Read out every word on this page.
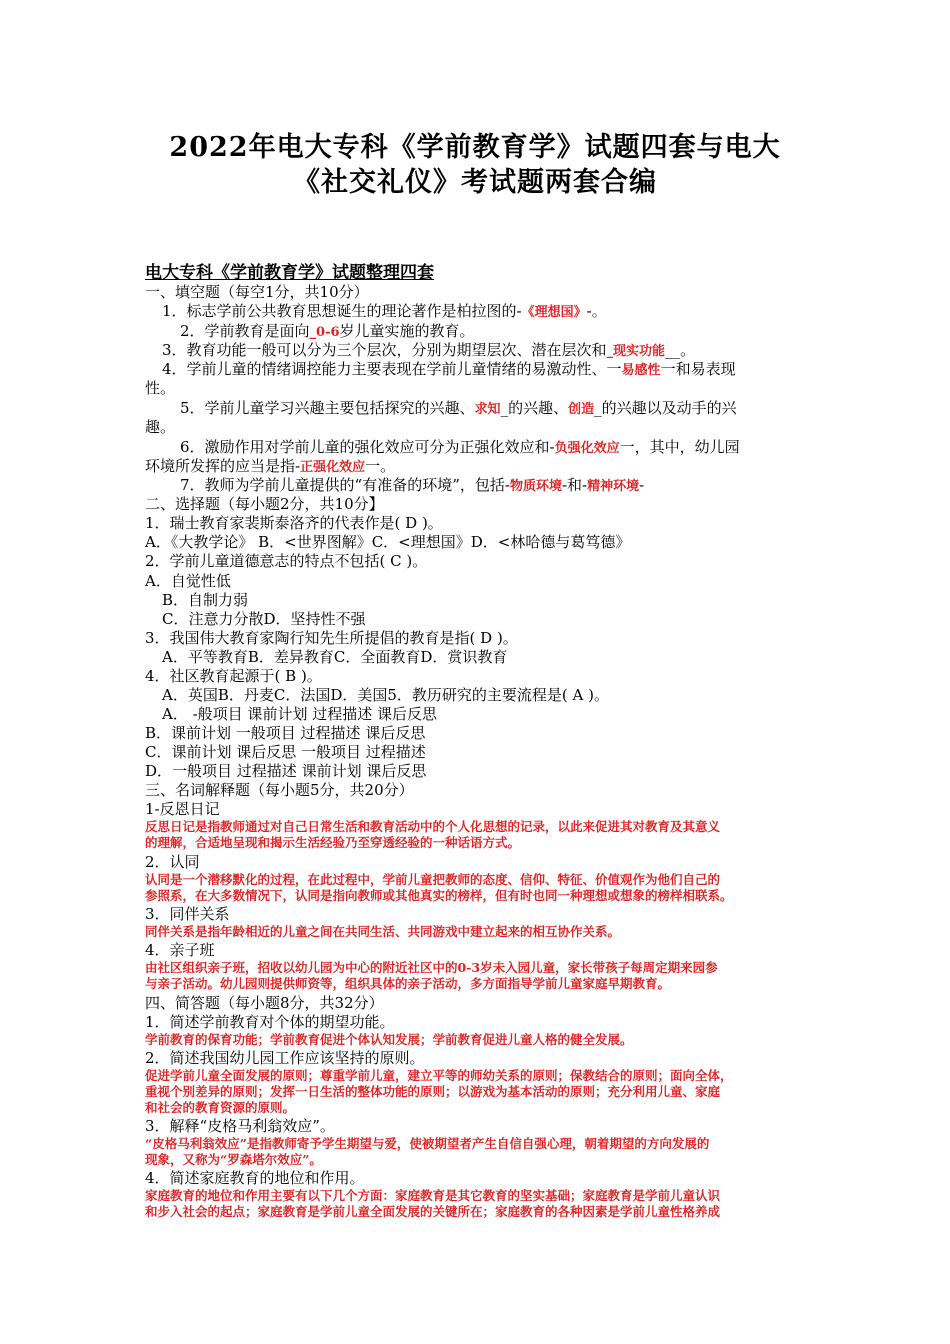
2022年电大专科《学前教育学》试题四套与电大
《社交礼仪》考试题两套合编
电大专科《学前教育学》试题整理四套
一、填空题（每空1分，共10分）
1．标志学前公共教育思想诞生的理论著作是柏拉图的-《理想国》-。
2．学前教育是面向_0-6岁儿童实施的教育。
3．教育功能一般可以分为三个层次，分别为期望层次、潜在层次和_现实功能__。
4．学前儿童的情绪调控能力主要表现在学前儿童情绪的易激动性、一易感性一和易表现
性。
5．学前儿童学习兴趣主要包括探究的兴趣、求知_的兴趣、创造_的兴趣以及动手的兴
趣。
6．激励作用对学前儿童的强化效应可分为正强化效应和-负强化效应一，其中，幼儿园
环境所发挥的应当是指-正强化效应一。
7．教师为学前儿童提供的“有准备的环境”，包括-物质环境-和-精神环境-
二、选择题（每小题2分，共10分】
1．瑞士教育家裴斯泰洛齐的代表作是( D )。
A．《大教学论》 B．<世界图解》C．<理想国》D．<林哈德与葛笃德》
2．学前儿童道德意志的特点不包括( C )。
A．自觉性低
B．自制力弱
C．注意力分散D．坚持性不强
3．我国伟大教育家陶行知先生所提倡的教育是指( D )。
A．平等教育B．差异教育C．全面教育D．赏识教育
4．社区教育起源于( B )。
A．英国B．丹麦C．法国D．美国5．教历研究的主要流程是( A )。
A． -般项目 课前计划 过程描述 课后反思
B．课前计划 一般项目 过程描述 课后反思
C．课前计划 课后反思 一般项目 过程描述
D．一般项目 过程描述 课前计划 课后反思
三、名词解释题（每小题5分，共20分）
1-反恩日记
反思日记是指教师通过对自己日常生活和教育活动中的个人化思想的记录，以此来促进其对教育及其意义
的理解，合适地呈现和揭示生活经验乃至穿透经验的一种话语方式。
2．认同
认同是一个潜移默化的过程，在此过程中，学前儿童把教师的态度、信仰、特征、价值观作为他们自己的
参照系，在大多数情况下，认同是指向教师或其他真实的榜样，但有时也同一种理想或想象的榜样相联系。
3．同伴关系
同伴关系是指年龄相近的儿童之间在共同生活、共同游戏中建立起来的相互协作关系。
4．亲子班
由社区组织亲子班，招收以幼儿园为中心的附近社区中的0-3岁未入园儿童，家长带孩子每周定期来园参
与亲子活动。幼儿园则提供师资等，组织具体的亲子活动，多方面指导学前儿童家庭早期教育。
四、简答题（每小题8分，共32分）
1．简述学前教育对个体的期望功能。
学前教育的保育功能；学前教育促进个体认知发展；学前教育促进儿童人格的健全发展。
2．简述我国幼儿园工作应该坚持的原则。
促进学前儿童全面发展的原则；尊重学前儿童，建立平等的师幼关系的原则；保教结合的原则；面向全体，
重视个别差异的原则；发挥一日生活的整体功能的原则；以游戏为基本活动的原则；充分利用儿童、家庭
和社会的教育资源的原则。
3．解释“皮格马利翁效应”。
“皮格马利翁效应”是指教师寄予学生期望与爱，使被期望者产生自信自强心理，朝着期望的方向发展的
现象，又称为“罗森塔尔效应”。
4．简述家庭教育的地位和作用。
家庭教育的地位和作用主要有以下几个方面：家庭教育是其它教育的坚实基础；家庭教育是学前儿童认识
和步入社会的起点；家庭教育是学前儿童全面发展的关键所在；家庭教育的各种因素是学前儿童性格养成
